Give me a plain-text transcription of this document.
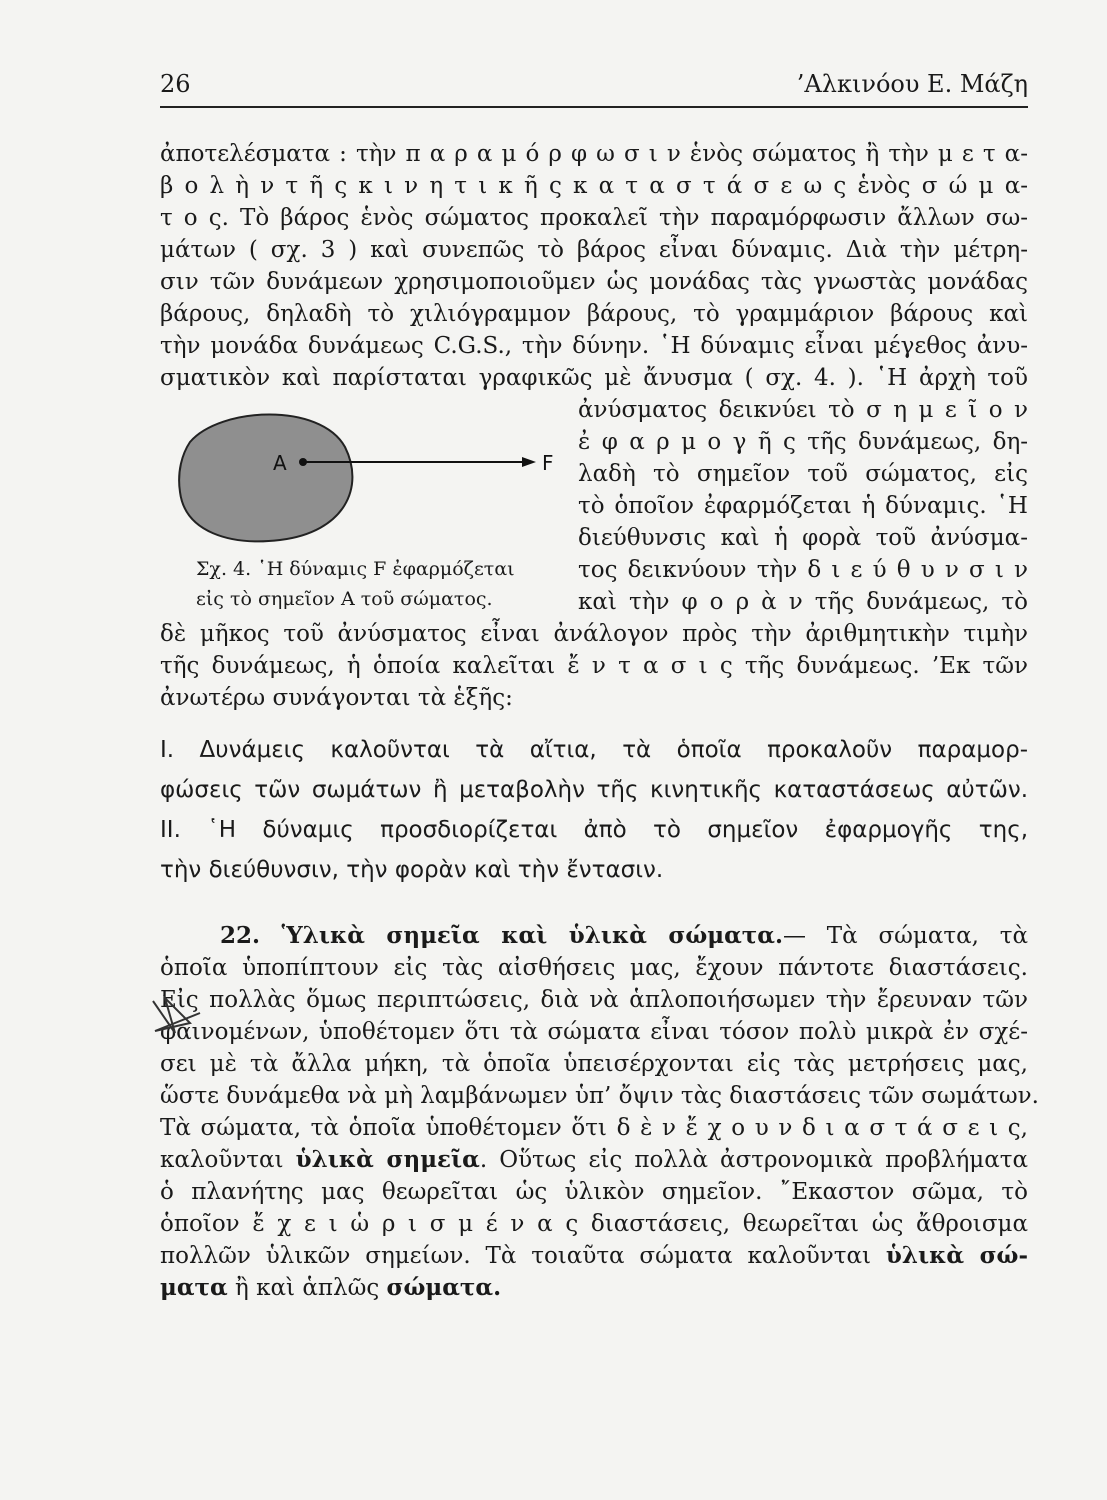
26	’Αλκινόου Ε. Μάζη
ἀποτελέσματα : τὴν π α ρ α μ ό ρ φ ω σ ι ν ἑνὸς σώματος ἢ τὴν μ ε τ α-
β ο λ ὴ ν τ ῆ ς κ ι ν η τ ι κ ῆ ς κ α τ α σ τ ά σ ε ω ς ἑνὸς σ ώ μ α-
τ ο ς. Τὸ βάρος ἑνὸς σώματος προκαλεῖ τὴν παραμόρφωσιν ἄλλων σω-
μάτων ( σχ. 3 ) καὶ συνεπῶς τὸ βάρος εἶναι δύναμις. Διὰ τὴν μέτρη-
σιν τῶν δυνάμεων χρησιμοποιοῦμεν ὡς μονάδας τὰς γνωστὰς μονάδας
βάρους, δηλαδὴ τὸ χιλιόγραμμον βάρους, τὸ γραμμάριον βάρους καὶ
τὴν μονάδα δυνάμεως C.G.S., τὴν δύνην. ῾Η δύναμις εἶναι μέγεθος ἀνυ-
σματικὸν καὶ παρίσταται γραφικῶς μὲ ἄνυσμα ( σχ. 4. ). ῾Η ἀρχὴ τοῦ
A	F
Σχ. 4. ῾Η δύναμις F ἐφαρμόζεται
εἰς τὸ σημεῖον A τοῦ σώματος.
ἀνύσματος δεικνύει τὸ σ η μ ε ῖ ο ν
ἐ φ α ρ μ ο γ ῆ ς τῆς δυνάμεως, δη-
λαδὴ τὸ σημεῖον τοῦ σώματος, εἰς
τὸ ὁποῖον ἐφαρμόζεται ἡ δύναμις. ῾Η
διεύθυνσις καὶ ἡ φορὰ τοῦ ἀνύσμα-
τος δεικνύουν τὴν δ ι ε ύ θ υ ν σ ι ν
καὶ τὴν φ ο ρ ὰ ν τῆς δυνάμεως, τὸ
δὲ μῆκος τοῦ ἀνύσματος εἶναι ἀνάλογον πρὸς τὴν ἀριθμητικὴν τιμὴν
τῆς δυνάμεως, ἡ ὁποία καλεῖται ἔ ν τ α σ ι ς τῆς δυνάμεως. ’Εκ τῶν
ἀνωτέρω συνάγονται τὰ ἑξῆς:
I. Δυνάμεις καλοῦνται τὰ αἴτια, τὰ ὁποῖα προκαλοῦν παραμορ-
φώσεις τῶν σωμάτων ἢ μεταβολὴν τῆς κινητικῆς καταστάσεως αὐτῶν.
II. ῾Η δύναμις προσδιορίζεται ἀπὸ τὸ σημεῖον ἐφαρμογῆς της,
τὴν διεύθυνσιν, τὴν φορὰν καὶ τὴν ἔντασιν.
22. Ὑλικὰ σημεῖα καὶ ὑλικὰ σώματα.— Τὰ σώματα, τὰ
ὁποῖα ὑποπίπτουν εἰς τὰς αἰσθήσεις μας, ἔχουν πάντοτε διαστάσεις.
Εἰς πολλὰς ὅμως περιπτώσεις, διὰ νὰ ἁπλοποιήσωμεν τὴν ἔρευναν τῶν
φαινομένων, ὑποθέτομεν ὅτι τὰ σώματα εἶναι τόσον πολὺ μικρὰ ἐν σχέ-
σει μὲ τὰ ἄλλα μήκη, τὰ ὁποῖα ὑπεισέρχονται εἰς τὰς μετρήσεις μας,
ὥστε δυνάμεθα νὰ μὴ λαμβάνωμεν ὑπ’ ὄψιν τὰς διαστάσεις τῶν σωμάτων.
Τὰ σώματα, τὰ ὁποῖα ὑποθέτομεν ὅτι δ ὲ ν ἔ χ ο υ ν δ ι α σ τ ά σ ε ι ς,
καλοῦνται ὑλικὰ σημεῖα. Οὕτως εἰς πολλὰ ἀστρονομικὰ προβλήματα
ὁ πλανήτης μας θεωρεῖται ὡς ὑλικὸν σημεῖον. ῎Εκαστον σῶμα, τὸ
ὁποῖον ἔ χ ε ι ὡ ρ ι σ μ έ ν α ς διαστάσεις, θεωρεῖται ὡς ἄθροισμα
πολλῶν ὑλικῶν σημείων. Τὰ τοιαῦτα σώματα καλοῦνται ὑλικὰ σώ-
ματα ἢ καὶ ἁπλῶς σώματα.
